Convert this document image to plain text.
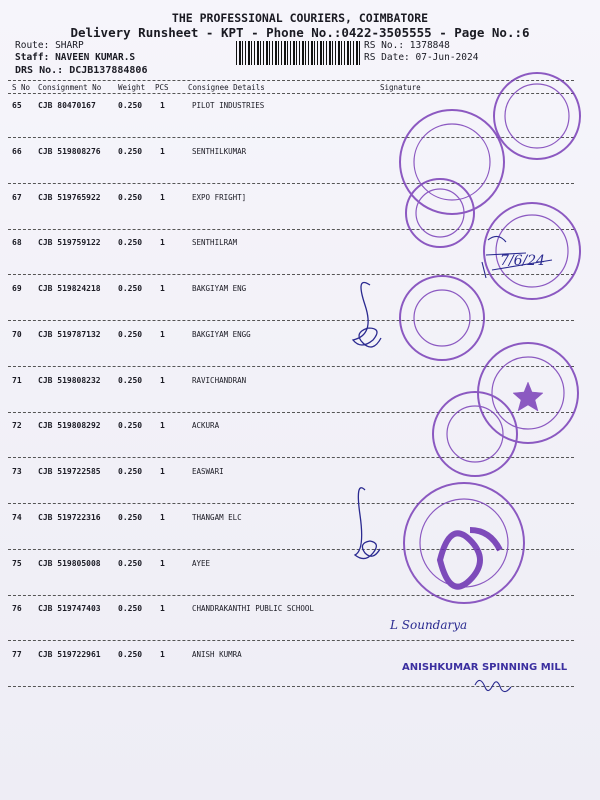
THE PROFESSIONAL COURIERS, COIMBATORE
Delivery Runsheet - KPT - Phone No.:0422-3505555 - Page No.:6
Route: SHARP
Staff: NAVEEN KUMAR.S
DRS No.: DCJB137884806
RS No.: 1378848
RS Date: 07-Jun-2024
S No Consignment No Weight PCS	Consignee Details	Signature
65 CJB 80470167	0.250 1	PILOT INDUSTRIES
66 CJB 519808276 0.250 1	SENTHILKUMAR
67 CJB 519765922 0.250 1	EXPO FRIGHT]
68 CJB 519759122 0.250 1	SENTHILRAM
69 CJB 519824218 0.250 1	BAKGIYAM ENG
70 CJB 519787132 0.250 1	BAKGIYAM ENGG
71 CJB 519808232 0.250 1	RAVICHANDRAN
72 CJB 519808292 0.250 1	ACKURA
73 CJB 519722585 0.250 1	EASWARI
74 CJB 519722316 0.250 1	THANGAM ELC
75 CJB 519805008 0.250 1	AYEE
76 CJB 519747403 0.250 1	CHANDRAKANTHI PUBLIC SCHOOL
77 CJB 519722961 0.250 1	ANISH KUMRA
7/6/24
L Soundarya
ANISHKUMAR SPINNING MILL
